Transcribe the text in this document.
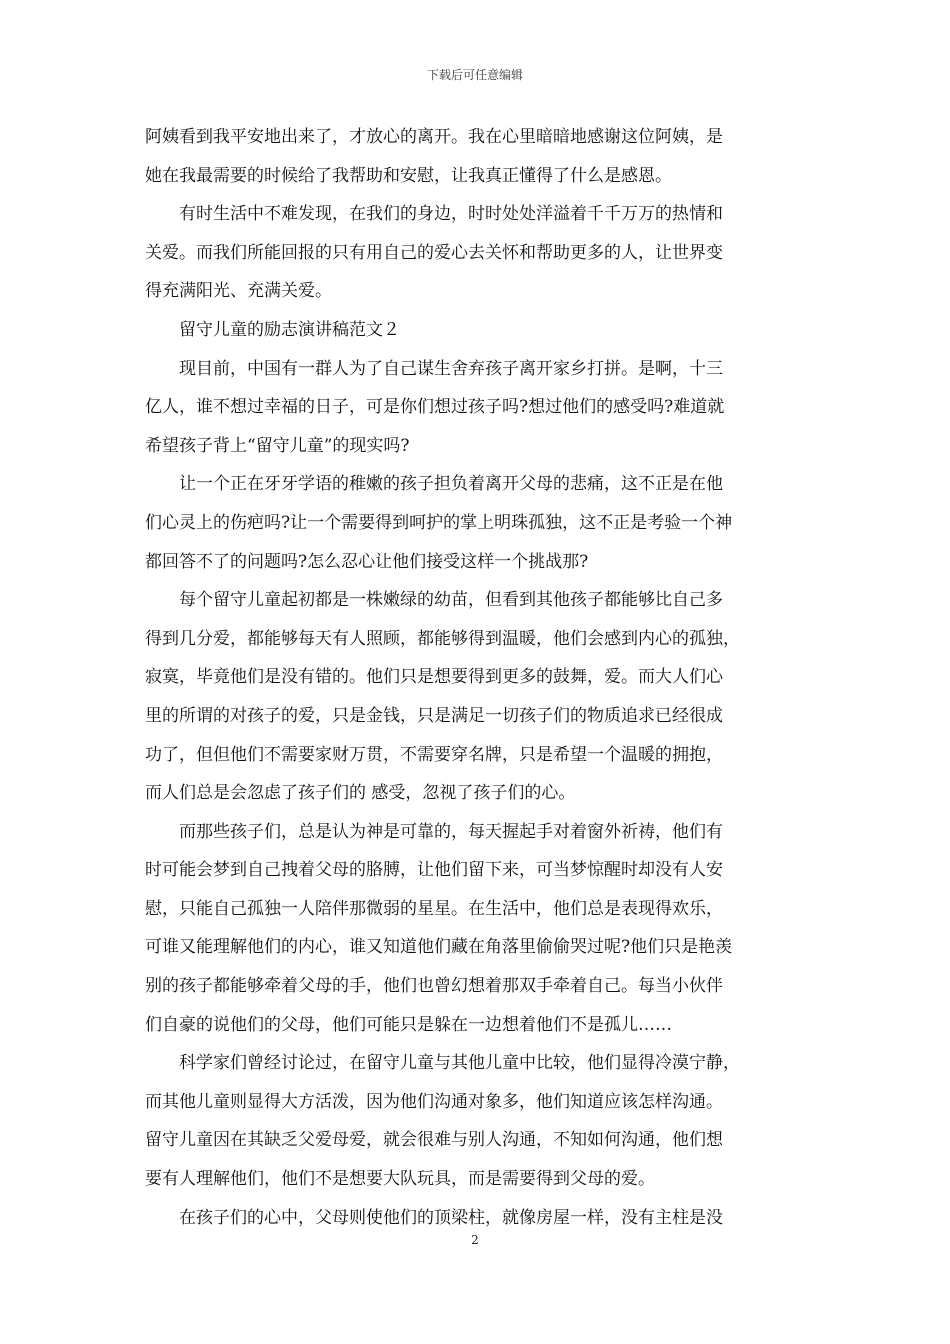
下载后可任意编辑
阿姨看到我平安地出来了，才放心的离开。我在心里暗暗地感谢这位阿姨，是
她在我最需要的时候给了我帮助和安慰，让我真正懂得了什么是感恩。
有时生活中不难发现，在我们的身边，时时处处洋溢着千千万万的热情和
关爱。而我们所能回报的只有用自己的爱心去关怀和帮助更多的人，让世界变
得充满阳光、充满关爱。
留守儿童的励志演讲稿范文２
现目前，中国有一群人为了自己谋生舍弃孩子离开家乡打拼。是啊，十三
亿人，谁不想过幸福的日子，可是你们想过孩子吗?想过他们的感受吗?难道就
希望孩子背上“留守儿童”的现实吗?
让一个正在牙牙学语的稚嫩的孩子担负着离开父母的悲痛，这不正是在他
们心灵上的伤疤吗?让一个需要得到呵护的掌上明珠孤独，这不正是考验一个神
都回答不了的问题吗?怎么忍心让他们接受这样一个挑战那?
每个留守儿童起初都是一株嫩绿的幼苗，但看到其他孩子都能够比自己多
得到几分爱，都能够每天有人照顾，都能够得到温暖，他们会感到内心的孤独，
寂寞，毕竟他们是没有错的。他们只是想要得到更多的鼓舞，爱。而大人们心
里的所谓的对孩子的爱，只是金钱，只是满足一切孩子们的物质追求已经很成
功了，但但他们不需要家财万贯，不需要穿名牌，只是希望一个温暖的拥抱，
而人们总是会忽虑了孩子们的 感受，忽视了孩子们的心。
而那些孩子们，总是认为神是可靠的，每天握起手对着窗外祈祷，他们有
时可能会梦到自己拽着父母的胳膊，让他们留下来，可当梦惊醒时却没有人安
慰，只能自己孤独一人陪伴那微弱的星星。在生活中，他们总是表现得欢乐，
可谁又能理解他们的内心，谁又知道他们藏在角落里偷偷哭过呢?他们只是艳羡
别的孩子都能够牵着父母的手，他们也曾幻想着那双手牵着自己。每当小伙伴
们自豪的说他们的父母，他们可能只是躲在一边想着他们不是孤儿……
科学家们曾经讨论过，在留守儿童与其他儿童中比较，他们显得冷漠宁静，
而其他儿童则显得大方活泼，因为他们沟通对象多，他们知道应该怎样沟通。
留守儿童因在其缺乏父爱母爱，就会很难与别人沟通，不知如何沟通，他们想
要有人理解他们，他们不是想要大队玩具，而是需要得到父母的爱。
在孩子们的心中，父母则使他们的顶梁柱，就像房屋一样，没有主柱是没
2
